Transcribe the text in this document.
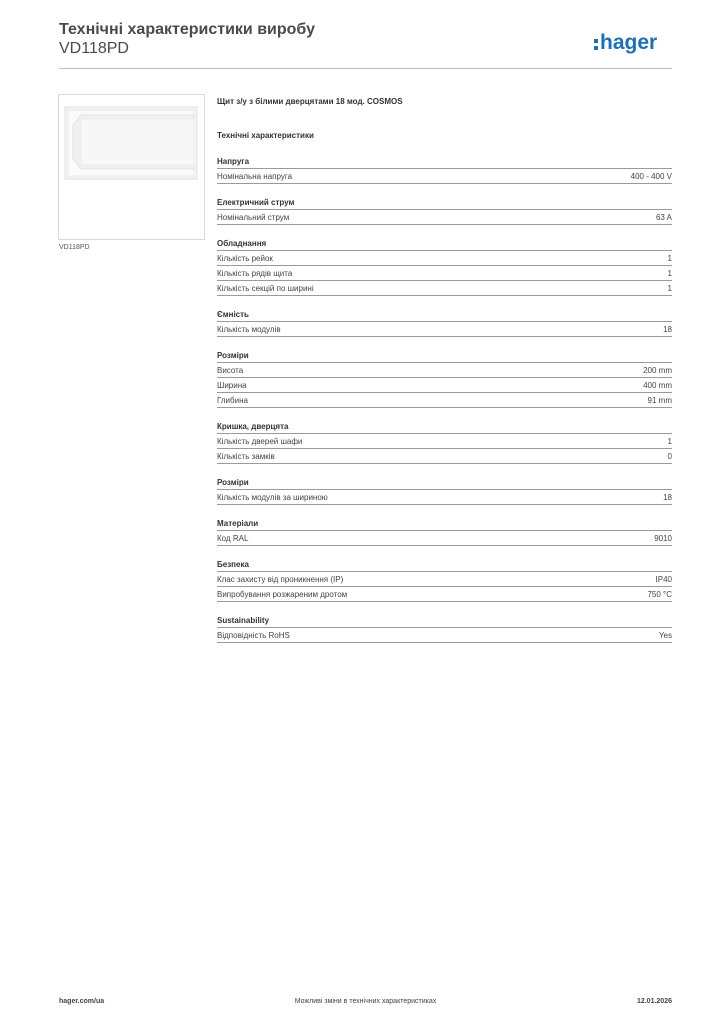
Технічні характеристики виробу
VD118PD	hager
VD118PD
Щит з/у з білими дверцятами 18 мод. COSMOS
Технічні характеристики
Напруга
Номінальна напруга	400 - 400 V
Електричний струм
Номінальний струм	63 A
Обладнання
Кількість рейок	1
Кількість рядів щита	1
Кількість секцій по ширині	1
Ємність
Кількість модулів	18
Розміри
Висота	200 mm
Ширина	400 mm
Глибина	91 mm
Кришка, дверцята
Кількість дверей шафи	1
Кількість замків	0
Розміри
Кількість модулів за шириною	18
Матеріали
Код RAL	9010
Безпека
Клас захисту від проникнення (IP)	IP40
Випробування розжареним дротом	750 °C
Sustainability
Відповідність RoHS	Yes
Можливі зміни в технічних характеристиках
hager.com/ua	12.01.2026
